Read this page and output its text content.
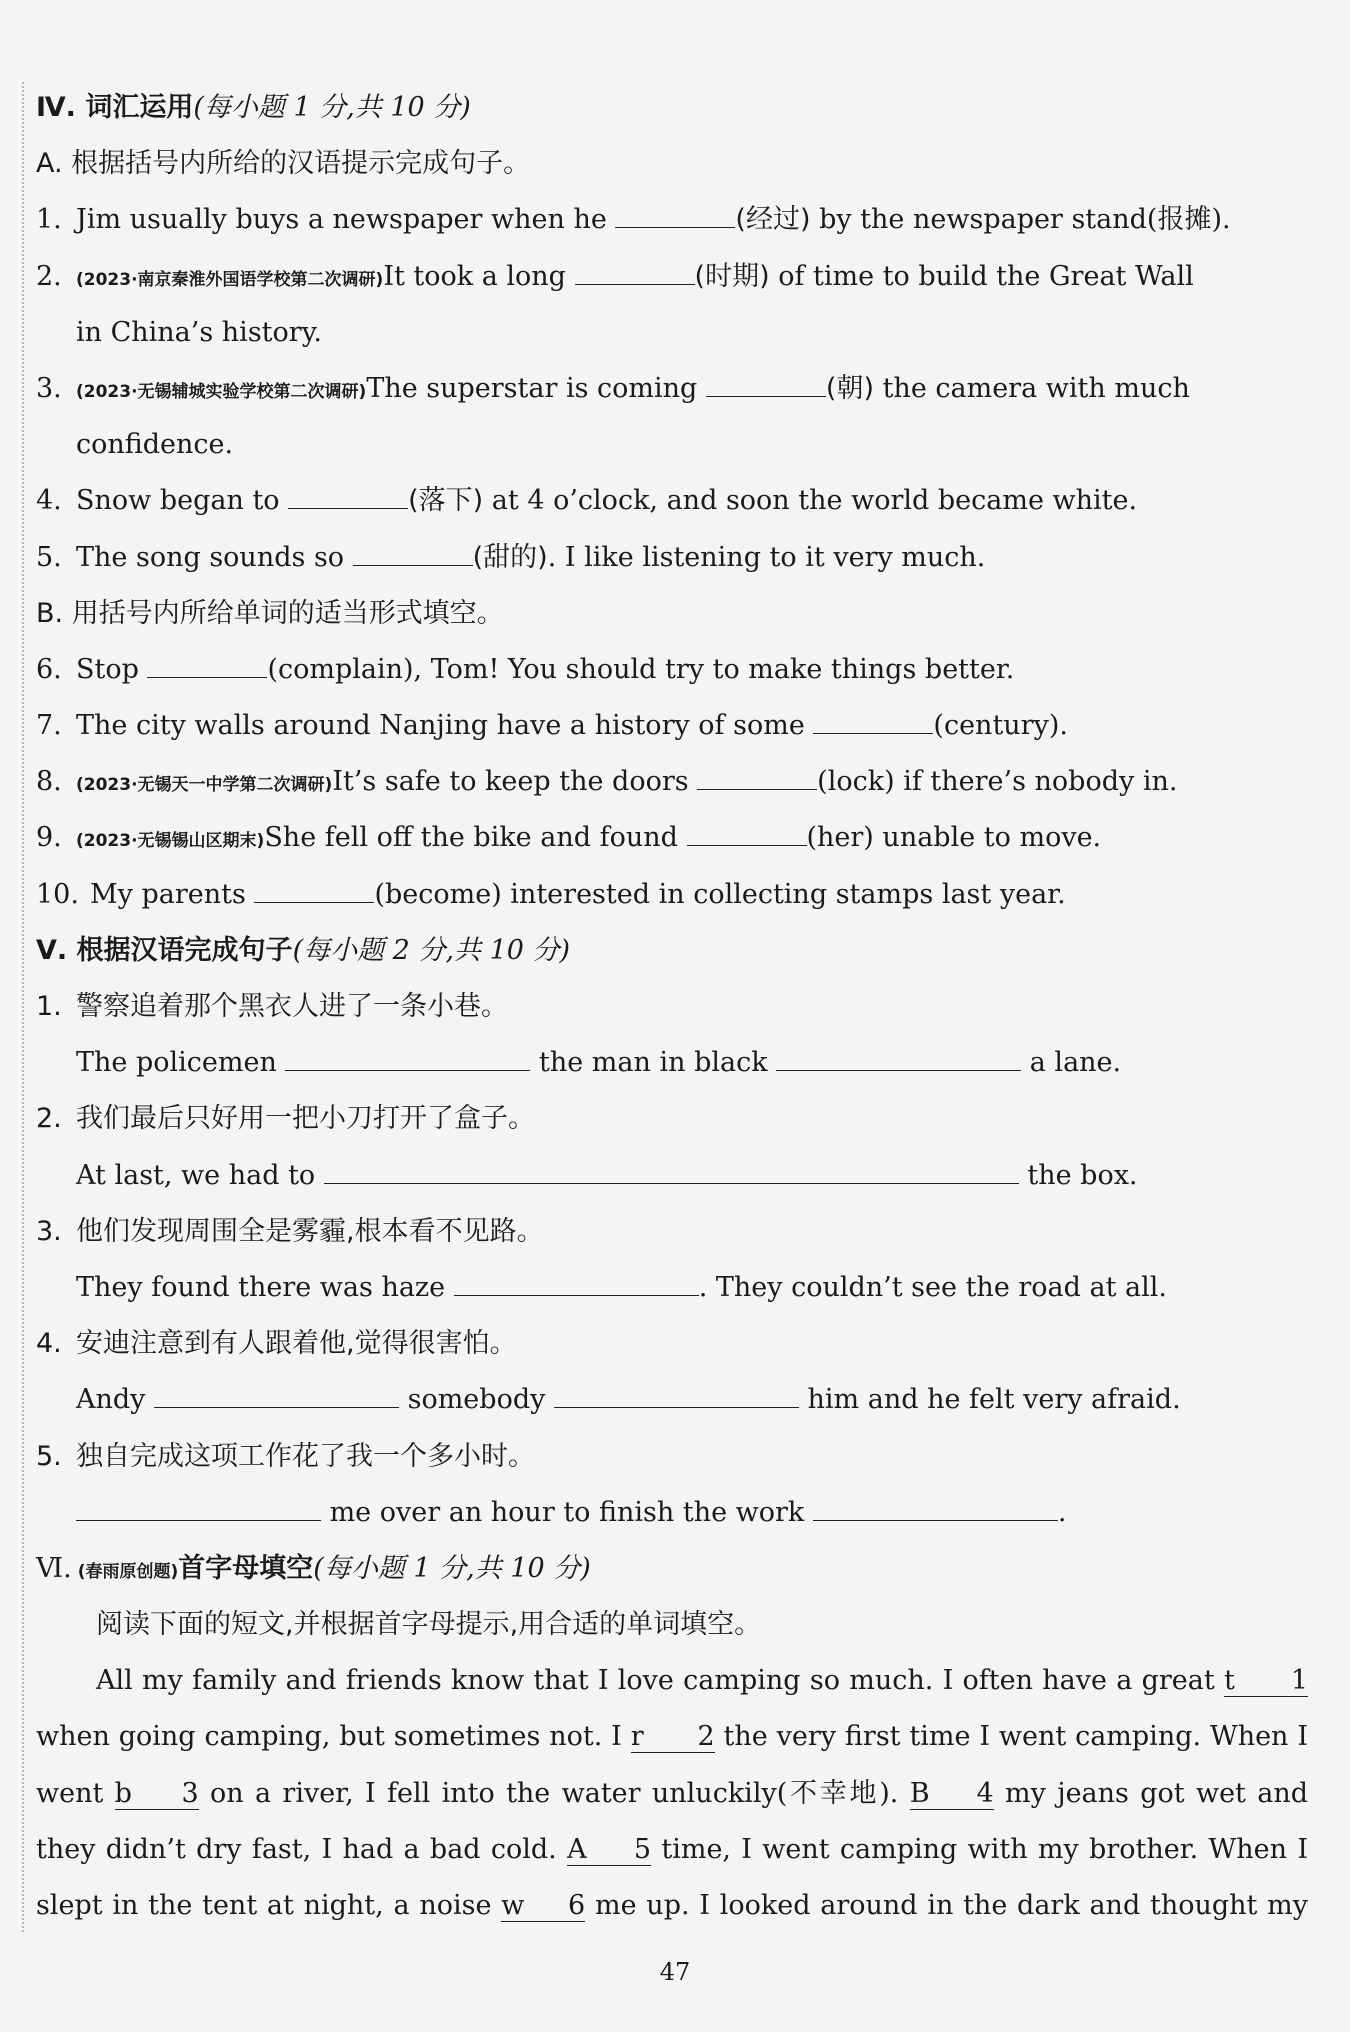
Ⅳ. 词汇运用(每小题 1 分,共 10 分)
A. 根据括号内所给的汉语提示完成句子。
1. Jim usually buys a newspaper when he	(经过) by the newspaper stand(报摊).
2. (2023·南京秦淮外国语学校第二次调研)It took a long	(时期) of time to build the Great Wall
in China’s history.
3. (2023·无锡辅城实验学校第二次调研)The superstar is coming	(朝) the camera with much
confidence.
4. Snow began to	(落下) at 4 o’clock, and soon the world became white.
5. The song sounds so	(甜的). I like listening to it very much.
B. 用括号内所给单词的适当形式填空。
6. Stop	(complain), Tom! You should try to make things better.
7. The city walls around Nanjing have a history of some	(century).
8. (2023·无锡天一中学第二次调研)It’s safe to keep the doors	(lock) if there’s nobody in.
9. (2023·无锡锡山区期末)She fell off the bike and found	(her) unable to move.
10. My parents	(become) interested in collecting stamps last year.
Ⅴ. 根据汉语完成句子(每小题 2 分,共 10 分)
1. 警察追着那个黑衣人进了一条小巷。
The policemen	the man in black	a lane.
2. 我们最后只好用一把小刀打开了盒子。
At last, we had to	the box.
3. 他们发现周围全是雾霾,根本看不见路。
They found there was haze	. They couldn’t see the road at all.
4. 安迪注意到有人跟着他,觉得很害怕。
Andy	somebody	him and he felt very afraid.
5. 独自完成这项工作花了我一个多小时。
me over an hour to finish the work	.
Ⅵ. (春雨原创题)首字母填空(每小题 1 分,共 10 分)
阅读下面的短文,并根据首字母提示,用合适的单词填空。
All my family and friends know that I love camping so much. I often have a great t 1
when going camping, but sometimes not. I r 2 the very first time I went camping. When I
went b 3 on a river, I fell into the water unluckily(不幸地). B 4 my jeans got wet and
they didn’t dry fast, I had a bad cold. A 5 time, I went camping with my brother. When I
slept in the tent at night, a noise w 6 me up. I looked around in the dark and thought my
47
